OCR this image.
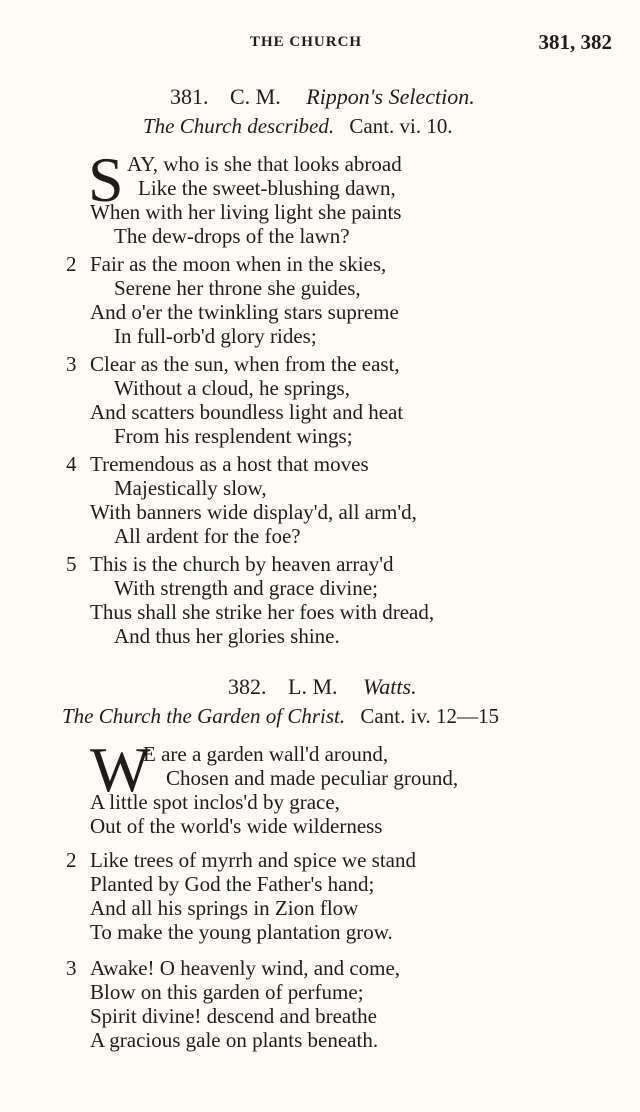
THE CHURCH	381, 382
381. C. M. Rippon's Selection.
The Church described. Cant. vi. 10.
S AY, who is she that looks abroad
Like the sweet-blushing dawn,
When with her living light she paints
The dew-drops of the lawn?
2 Fair as the moon when in the skies,
Serene her throne she guides,
And o'er the twinkling stars supreme
In full-orb'd glory rides;
3 Clear as the sun, when from the east,
Without a cloud, he springs,
And scatters boundless light and heat
From his resplendent wings;
4 Tremendous as a host that moves
Majestically slow,
With banners wide display'd, all arm'd,
All ardent for the foe?
5 This is the church by heaven array'd
With strength and grace divine;
Thus shall she strike her foes with dread,
And thus her glories shine.
382. L. M. Watts.
The Church the Garden of Christ. Cant. iv. 12—15
W
E are a garden wall'd around,
Chosen and made peculiar ground,
A little spot inclos'd by grace,
Out of the world's wide wilderness
2 Like trees of myrrh and spice we stand
Planted by God the Father's hand;
And all his springs in Zion flow
To make the young plantation grow.
3 Awake! O heavenly wind, and come,
Blow on this garden of perfume;
Spirit divine! descend and breathe
A gracious gale on plants beneath.
